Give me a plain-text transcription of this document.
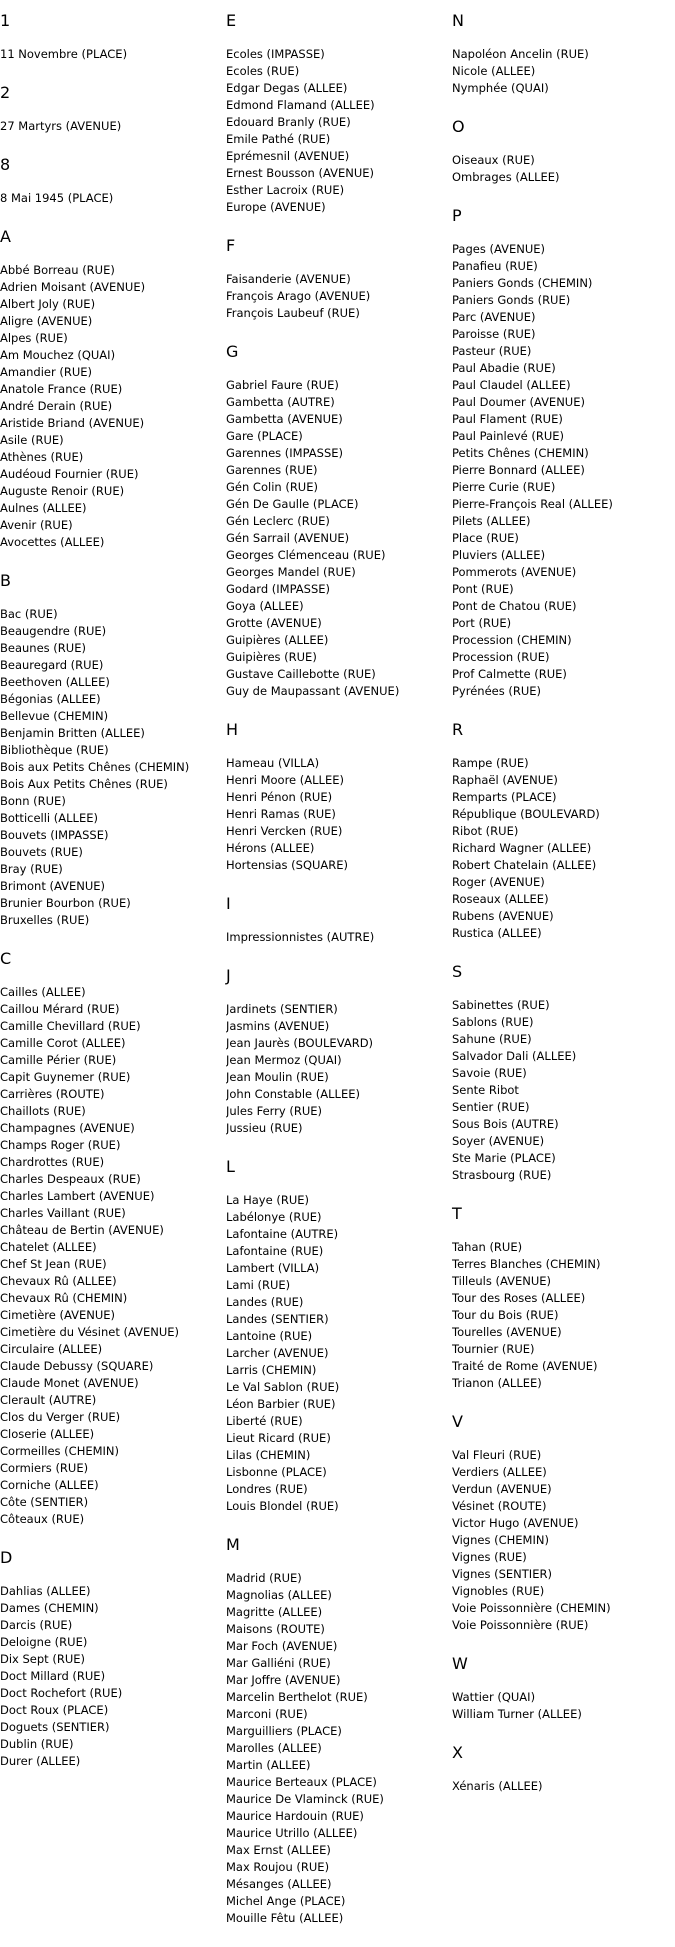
1
11 Novembre (PLACE)
2
27 Martyrs (AVENUE)
8
8 Mai 1945 (PLACE)
A
Abbé Borreau (RUE)
Adrien Moisant (AVENUE)
Albert Joly (RUE)
Aligre (AVENUE)
Alpes (RUE)
Am Mouchez (QUAI)
Amandier (RUE)
Anatole France (RUE)
André Derain (RUE)
Aristide Briand (AVENUE)
Asile (RUE)
Athènes (RUE)
Audéoud Fournier (RUE)
Auguste Renoir (RUE)
Aulnes (ALLEE)
Avenir (RUE)
Avocettes (ALLEE)
B
Bac (RUE)
Beaugendre (RUE)
Beaunes (RUE)
Beauregard (RUE)
Beethoven (ALLEE)
Bégonias (ALLEE)
Bellevue (CHEMIN)
Benjamin Britten (ALLEE)
Bibliothèque (RUE)
Bois aux Petits Chênes (CHEMIN)
Bois Aux Petits Chênes (RUE)
Bonn (RUE)
Botticelli (ALLEE)
Bouvets (IMPASSE)
Bouvets (RUE)
Bray (RUE)
Brimont (AVENUE)
Brunier Bourbon (RUE)
Bruxelles (RUE)
C
Cailles (ALLEE)
Caillou Mérard (RUE)
Camille Chevillard (RUE)
Camille Corot (ALLEE)
Camille Périer (RUE)
Capit Guynemer (RUE)
Carrières (ROUTE)
Chaillots (RUE)
Champagnes (AVENUE)
Champs Roger (RUE)
Chardrottes (RUE)
Charles Despeaux (RUE)
Charles Lambert (AVENUE)
Charles Vaillant (RUE)
Château de Bertin (AVENUE)
Chatelet (ALLEE)
Chef St Jean (RUE)
Chevaux Rû (ALLEE)
Chevaux Rû (CHEMIN)
Cimetière (AVENUE)
Cimetière du Vésinet (AVENUE)
Circulaire (ALLEE)
Claude Debussy (SQUARE)
Claude Monet (AVENUE)
Clerault (AUTRE)
Clos du Verger (RUE)
Closerie (ALLEE)
Cormeilles (CHEMIN)
Cormiers (RUE)
Corniche (ALLEE)
Côte (SENTIER)
Côteaux (RUE)
D
Dahlias (ALLEE)
Dames (CHEMIN)
Darcis (RUE)
Deloigne (RUE)
Dix Sept (RUE)
Doct Millard (RUE)
Doct Rochefort (RUE)
Doct Roux (PLACE)
Doguets (SENTIER)
Dublin (RUE)
Durer (ALLEE)
E
Ecoles (IMPASSE)
Ecoles (RUE)
Edgar Degas (ALLEE)
Edmond Flamand (ALLEE)
Edouard Branly (RUE)
Emile Pathé (RUE)
Eprémesnil (AVENUE)
Ernest Bousson (AVENUE)
Esther Lacroix (RUE)
Europe (AVENUE)
F
Faisanderie (AVENUE)
François Arago (AVENUE)
François Laubeuf (RUE)
G
Gabriel Faure (RUE)
Gambetta (AUTRE)
Gambetta (AVENUE)
Gare (PLACE)
Garennes (IMPASSE)
Garennes (RUE)
Gén Colin (RUE)
Gén De Gaulle (PLACE)
Gén Leclerc (RUE)
Gén Sarrail (AVENUE)
Georges Clémenceau (RUE)
Georges Mandel (RUE)
Godard (IMPASSE)
Goya (ALLEE)
Grotte (AVENUE)
Guipières (ALLEE)
Guipières (RUE)
Gustave Caillebotte (RUE)
Guy de Maupassant (AVENUE)
H
Hameau (VILLA)
Henri Moore (ALLEE)
Henri Pénon (RUE)
Henri Ramas (RUE)
Henri Vercken (RUE)
Hérons (ALLEE)
Hortensias (SQUARE)
I
Impressionnistes (AUTRE)
J
Jardinets (SENTIER)
Jasmins (AVENUE)
Jean Jaurès (BOULEVARD)
Jean Mermoz (QUAI)
Jean Moulin (RUE)
John Constable (ALLEE)
Jules Ferry (RUE)
Jussieu (RUE)
L
La Haye (RUE)
Labélonye (RUE)
Lafontaine (AUTRE)
Lafontaine (RUE)
Lambert (VILLA)
Lami (RUE)
Landes (RUE)
Landes (SENTIER)
Lantoine (RUE)
Larcher (AVENUE)
Larris (CHEMIN)
Le Val Sablon (RUE)
Léon Barbier (RUE)
Liberté (RUE)
Lieut Ricard (RUE)
Lilas (CHEMIN)
Lisbonne (PLACE)
Londres (RUE)
Louis Blondel (RUE)
M
Madrid (RUE)
Magnolias (ALLEE)
Magritte (ALLEE)
Maisons (ROUTE)
Mar Foch (AVENUE)
Mar Galliéni (RUE)
Mar Joffre (AVENUE)
Marcelin Berthelot (RUE)
Marconi (RUE)
Marguilliers (PLACE)
Marolles (ALLEE)
Martin (ALLEE)
Maurice Berteaux (PLACE)
Maurice De Vlaminck (RUE)
Maurice Hardouin (RUE)
Maurice Utrillo (ALLEE)
Max Ernst (ALLEE)
Max Roujou (RUE)
Mésanges (ALLEE)
Michel Ange (PLACE)
Mouille Fêtu (ALLEE)
N
Napoléon Ancelin (RUE)
Nicole (ALLEE)
Nymphée (QUAI)
O
Oiseaux (RUE)
Ombrages (ALLEE)
P
Pages (AVENUE)
Panafieu (RUE)
Paniers Gonds (CHEMIN)
Paniers Gonds (RUE)
Parc (AVENUE)
Paroisse (RUE)
Pasteur (RUE)
Paul Abadie (RUE)
Paul Claudel (ALLEE)
Paul Doumer (AVENUE)
Paul Flament (RUE)
Paul Painlevé (RUE)
Petits Chênes (CHEMIN)
Pierre Bonnard (ALLEE)
Pierre Curie (RUE)
Pierre-François Real (ALLEE)
Pilets (ALLEE)
Place (RUE)
Pluviers (ALLEE)
Pommerots (AVENUE)
Pont (RUE)
Pont de Chatou (RUE)
Port (RUE)
Procession (CHEMIN)
Procession (RUE)
Prof Calmette (RUE)
Pyrénées (RUE)
R
Rampe (RUE)
Raphaël (AVENUE)
Remparts (PLACE)
République (BOULEVARD)
Ribot (RUE)
Richard Wagner (ALLEE)
Robert Chatelain (ALLEE)
Roger (AVENUE)
Roseaux (ALLEE)
Rubens (AVENUE)
Rustica (ALLEE)
S
Sabinettes (RUE)
Sablons (RUE)
Sahune (RUE)
Salvador Dali (ALLEE)
Savoie (RUE)
Sente Ribot
Sentier (RUE)
Sous Bois (AUTRE)
Soyer (AVENUE)
Ste Marie (PLACE)
Strasbourg (RUE)
T
Tahan (RUE)
Terres Blanches (CHEMIN)
Tilleuls (AVENUE)
Tour des Roses (ALLEE)
Tour du Bois (RUE)
Tourelles (AVENUE)
Tournier (RUE)
Traité de Rome (AVENUE)
Trianon (ALLEE)
V
Val Fleuri (RUE)
Verdiers (ALLEE)
Verdun (AVENUE)
Vésinet (ROUTE)
Victor Hugo (AVENUE)
Vignes (CHEMIN)
Vignes (RUE)
Vignes (SENTIER)
Vignobles (RUE)
Voie Poissonnière (CHEMIN)
Voie Poissonnière (RUE)
W
Wattier (QUAI)
William Turner (ALLEE)
X
Xénaris (ALLEE)
